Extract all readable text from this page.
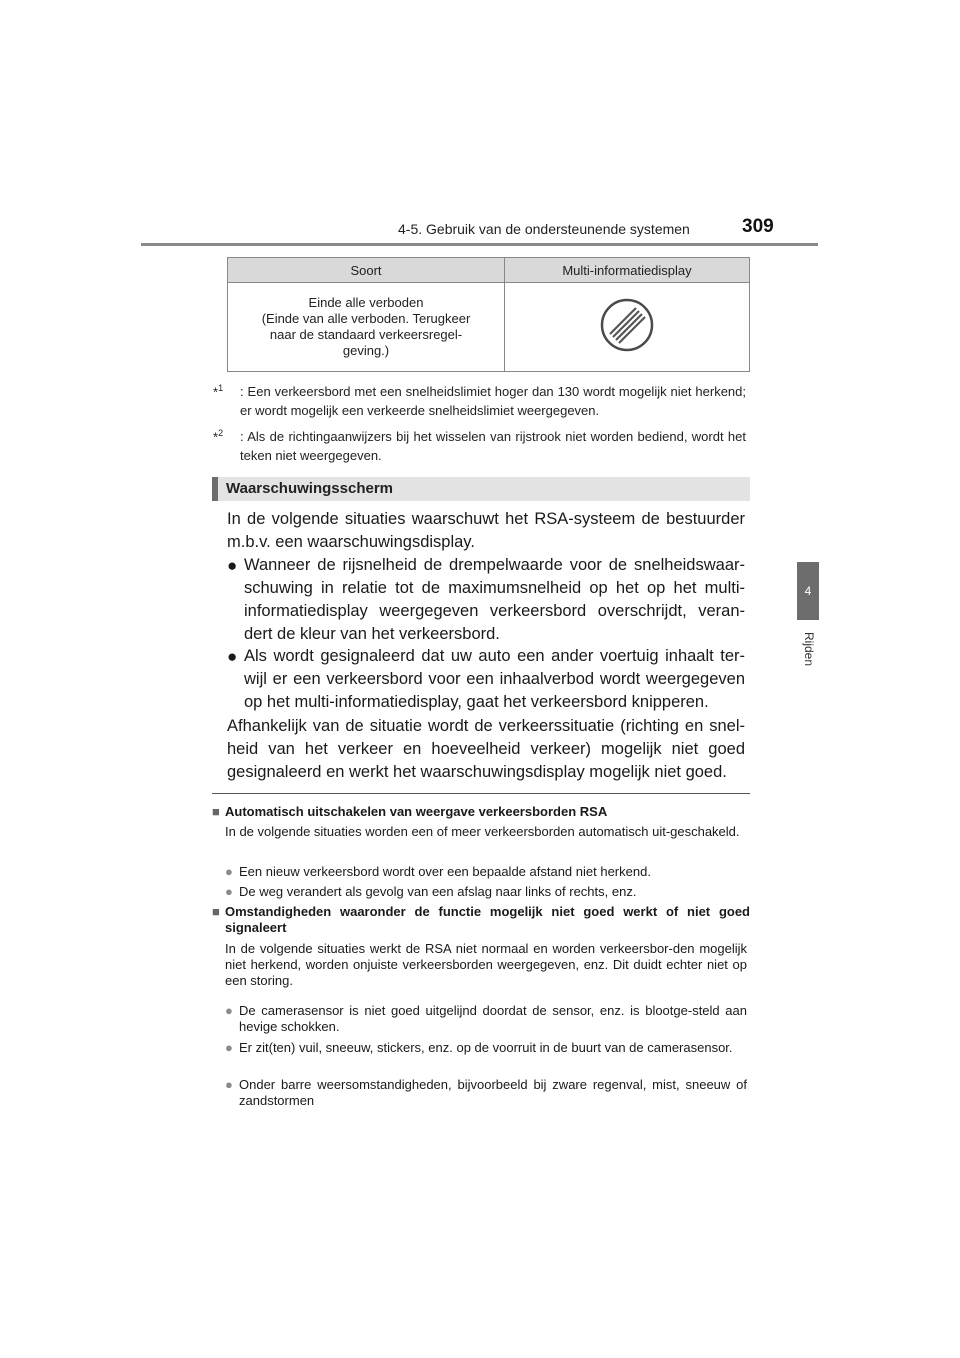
4-5. Gebruik van de ondersteunende systemen	309
4
Rijden
Soort	Multi-informatiedisplay

Einde alle verboden
(Einde van alle verboden. Terugkeer
naar de standaard verkeersregel-
geving.)

*$^1$	: Een verkeersbord met een snelheidslimiet hoger dan 130 wordt mogelijk niet herkend; er wordt mogelijk een verkeerde snelheidslimiet weergegeven.
*$^2$	: Als de richtingaanwijzers bij het wisselen van rijstrook niet worden bediend, wordt het teken niet weergegeven.
Waarschuwingsscherm
In de volgende situaties waarschuwt het RSA-systeem de bestuurder m.b.v. een waarschuwingsdisplay.
● Wanneer de rijsnelheid de drempelwaarde voor de snelheidswaar-schuwing in relatie tot de maximumsnelheid op het op het multi-informatiedisplay weergegeven verkeersbord overschrijdt, veran-dert de kleur van het verkeersbord.
● Als wordt gesignaleerd dat uw auto een ander voertuig inhaalt ter-wijl er een verkeersbord voor een inhaalverbod wordt weergegeven op het multi-informatiedisplay, gaat het verkeersbord knipperen.
Afhankelijk van de situatie wordt de verkeerssituatie (richting en snel-heid van het verkeer en hoeveelheid verkeer) mogelijk niet goed gesignaleerd en werkt het waarschuwingsdisplay mogelijk niet goed.
■ Automatisch uitschakelen van weergave verkeersborden RSA
In de volgende situaties worden een of meer verkeersborden automatisch uit-geschakeld.
● Een nieuw verkeersbord wordt over een bepaalde afstand niet herkend.
● De weg verandert als gevolg van een afslag naar links of rechts, enz.
■ Omstandigheden waaronder de functie mogelijk niet goed werkt of niet goed signaleert
In de volgende situaties werkt de RSA niet normaal en worden verkeersbor-den mogelijk niet herkend, worden onjuiste verkeersborden weergegeven, enz. Dit duidt echter niet op een storing.
● De camerasensor is niet goed uitgelijnd doordat de sensor, enz. is blootge-steld aan hevige schokken.
● Er zit(ten) vuil, sneeuw, stickers, enz. op de voorruit in de buurt van de camerasensor.
● Onder barre weersomstandigheden, bijvoorbeeld bij zware regenval, mist, sneeuw of zandstormen
